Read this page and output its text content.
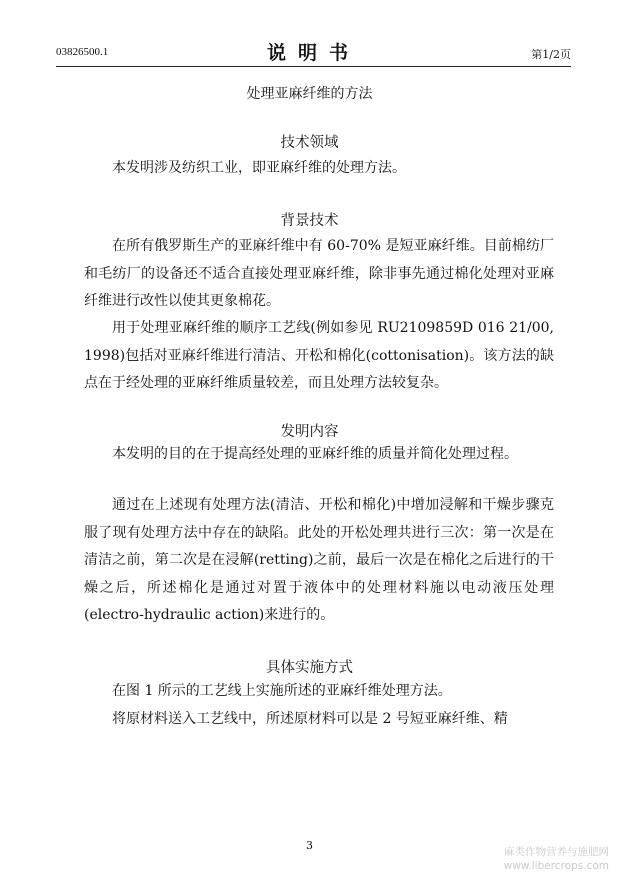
03826500.1	说明书	第1/2页
处理亚麻纤维的方法
技术领域

本发明涉及纺织工业，即亚麻纤维的处理方法。

背景技术

在所有俄罗斯生产的亚麻纤维中有 60-70% 是短亚麻纤维。目前棉纺厂和毛纺厂的设备还不适合直接处理亚麻纤维，除非事先通过棉化处理对亚麻纤维进行改性以使其更象棉花。

用于处理亚麻纤维的顺序工艺线(例如参见 RU2109859D 016 21/00, 1998)包括对亚麻纤维进行清洁、开松和棉化(cottonisation)。该方法的缺点在于经处理的亚麻纤维质量较差，而且处理方法较复杂。

发明内容

本发明的目的在于提高经处理的亚麻纤维的质量并简化处理过程。

通过在上述现有处理方法(清洁、开松和棉化)中增加浸解和干燥步骤克服了现有处理方法中存在的缺陷。此处的开松处理共进行三次：第一次是在清洁之前，第二次是在浸解(retting)之前，最后一次是在棉化之后进行的干燥之后，所述棉化是通过对置于液体中的处理材料施以电动液压处理(electro-hydraulic action)来进行的。

具体实施方式

在图 1 所示的工艺线上实施所述的亚麻纤维处理方法。

将原材料送入工艺线中，所述原材料可以是 2 号短亚麻纤维、精

3	麻类作物营养与施肥网
www.libercrops.com
